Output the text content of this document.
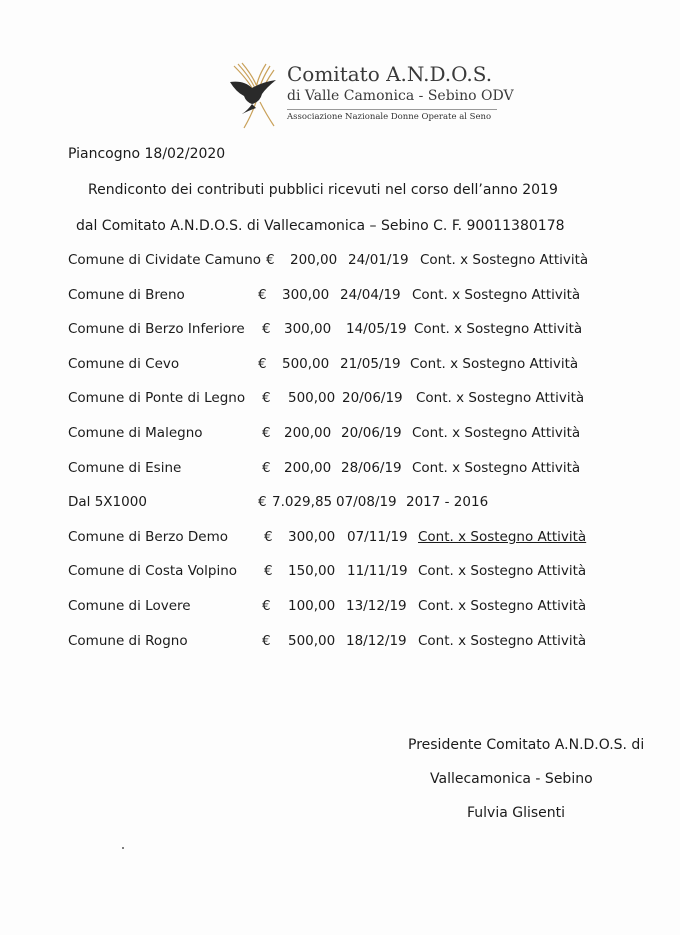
Comitato A.N.D.O.S.
di Valle Camonica - Sebino ODV
Associazione Nazionale Donne Operate al Seno
Piancogno 18/02/2020
Rendiconto dei contributi pubblici ricevuti nel corso dell’anno 2019
dal Comitato A.N.D.O.S. di Vallecamonica – Sebino C. F. 90011380178
Comune di Cividate Camuno € 200,00 24/01/19 Cont. x Sostegno Attività
Comune di Breno	€ 300,00 24/04/19 Cont. x Sostegno Attività
Comune di Berzo Inferiore € 300,00 14/05/19 Cont. x Sostegno Attività
Comune di Cevo	€ 500,00 21/05/19 Cont. x Sostegno Attività
Comune di Ponte di Legno € 500,00 20/06/19 Cont. x Sostegno Attività
Comune di Malegno	€ 200,00 20/06/19 Cont. x Sostegno Attività
Comune di Esine	€ 200,00 28/06/19 Cont. x Sostegno Attività
Dal 5X1000	€ 7.029,85 07/08/19 2017 - 2016
Comune di Berzo Demo	€ 300,00 07/11/19 Cont. x Sostegno Attività
Comune di Costa Volpino € 150,00 11/11/19 Cont. x Sostegno Attività
Comune di Lovere	€ 100,00 13/12/19 Cont. x Sostegno Attività
Comune di Rogno	€ 500,00 18/12/19 Cont. x Sostegno Attività
Presidente Comitato A.N.D.O.S. di
Vallecamonica - Sebino
Fulvia Glisenti
